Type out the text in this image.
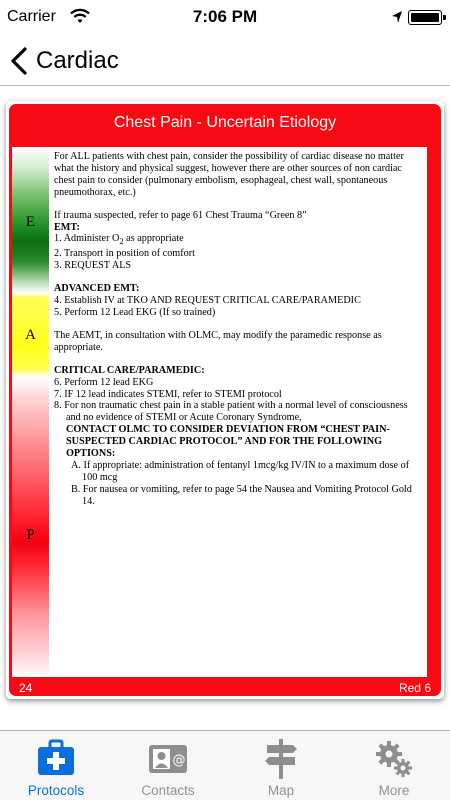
Carrier	7:06 PM
Cardiac
Chest Pain - Uncertain Etiology
E
A
P

For ALL patients with chest pain, consider the possibility of cardiac disease no matter what the history and physical suggest, however there are other sources of non cardiac chest pain to consider (pulmonary embolism, esophageal, chest wall, spontaneous pneumothorax, etc.)

If trauma suspected, refer to page 61 Chest Trauma “Green 8”

EMT:

1. Administer $O_2$ as appropriate

2. Transport in position of comfort

3. REQUEST ALS

ADVANCED EMT:

4. Establish IV at TKO AND REQUEST CRITICAL CARE/PARAMEDIC

5. Perform 12 Lead EKG (If so trained)

The AEMT, in consultation with OLMC, may modify the paramedic response as appropriate.

CRITICAL CARE/PARAMEDIC:

6. Perform 12 lead EKG

7. IF 12 lead indicates STEMI, refer to STEMI protocol

8. For non traumatic chest pain in a stable patient with a normal level of consciousness and no evidence of STEMI or Acute Coronary Syndrome,

CONTACT OLMC TO CONSIDER DEVIATION FROM “CHEST PAIN-SUSPECTED CARDIAC PROTOCOL” AND FOR THE FOLLOWING OPTIONS:

A. If appropriate: administration of fentanyl 1mcg/kg IV/IN to a maximum dose of 100 mcg

B. For nausea or vomiting, refer to page 54 the Nausea and Vomiting Protocol Gold 14.

24	Red 6
Protocols
@
Contacts	Map	More
